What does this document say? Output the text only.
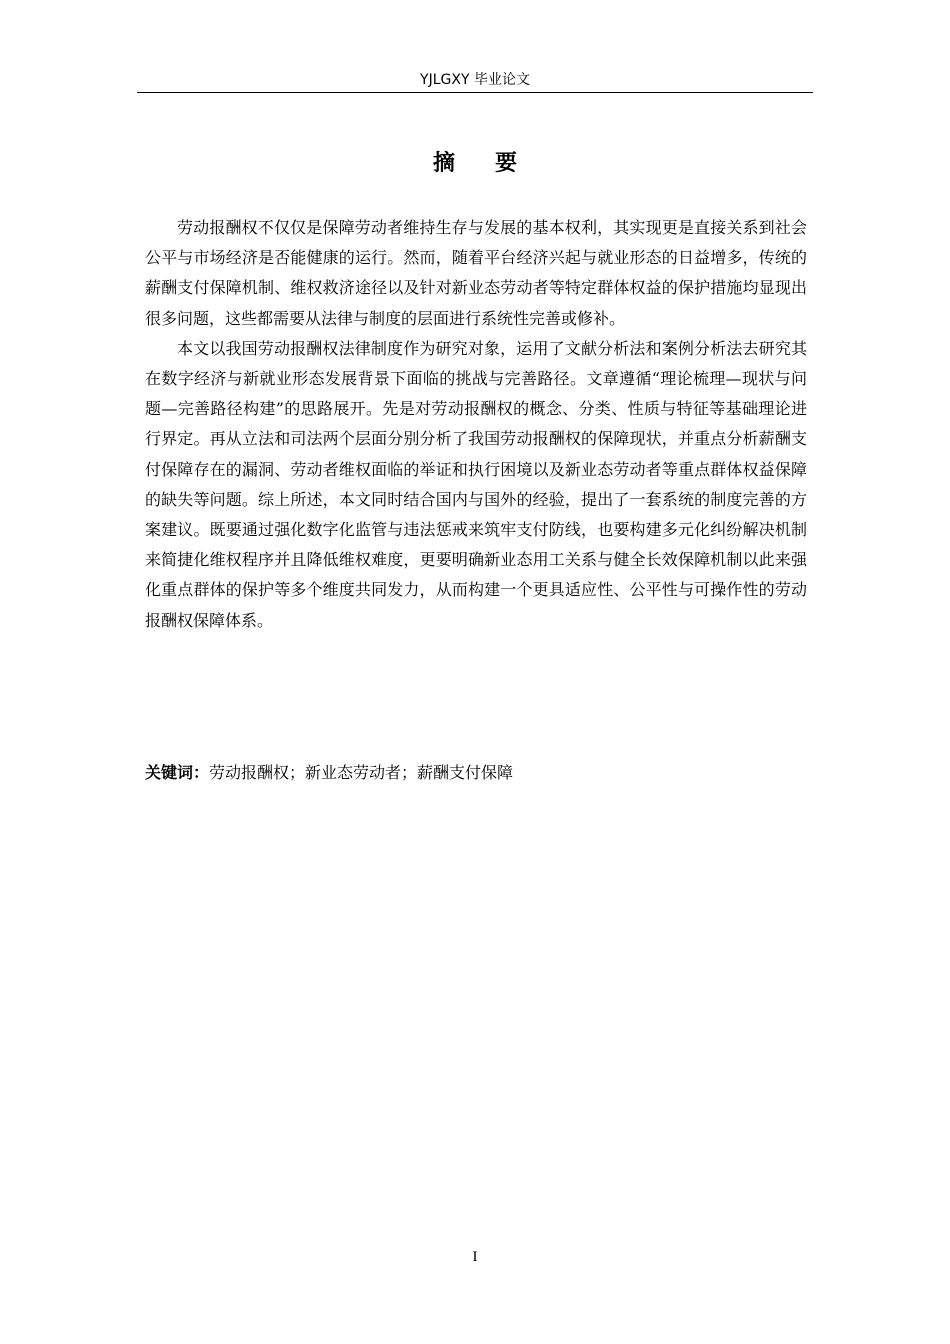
YJLGXY 毕业论文
摘要

劳动报酬权不仅仅是保障劳动者维持生存与发展的基本权利，其实现更是直接关系到社会公平与市场经济是否能健康的运行。然而，随着平台经济兴起与就业形态的日益增多，传统的薪酬支付保障机制、维权救济途径以及针对新业态劳动者等特定群体权益的保护措施均显现出很多问题，这些都需要从法律与制度的层面进行系统性完善或修补。

本文以我国劳动报酬权法律制度作为研究对象，运用了文献分析法和案例分析法去研究其在数字经济与新就业形态发展背景下面临的挑战与完善路径。文章遵循“理论梳理—现状与问题—完善路径构建”的思路展开。先是对劳动报酬权的概念、分类、性质与特征等基础理论进行界定。再从立法和司法两个层面分别分析了我国劳动报酬权的保障现状，并重点分析薪酬支付保障存在的漏洞、劳动者维权面临的举证和执行困境以及新业态劳动者等重点群体权益保障的缺失等问题。综上所述，本文同时结合国内与国外的经验，提出了一套系统的制度完善的方案建议。既要通过强化数字化监管与违法惩戒来筑牢支付防线，也要构建多元化纠纷解决机制来简捷化维权程序并且降低维权难度，更要明确新业态用工关系与健全长效保障机制以此来强化重点群体的保护等多个维度共同发力，从而构建一个更具适应性、公平性与可操作性的劳动报酬权保障体系。

关键词：劳动报酬权；新业态劳动者；薪酬支付保障
I
